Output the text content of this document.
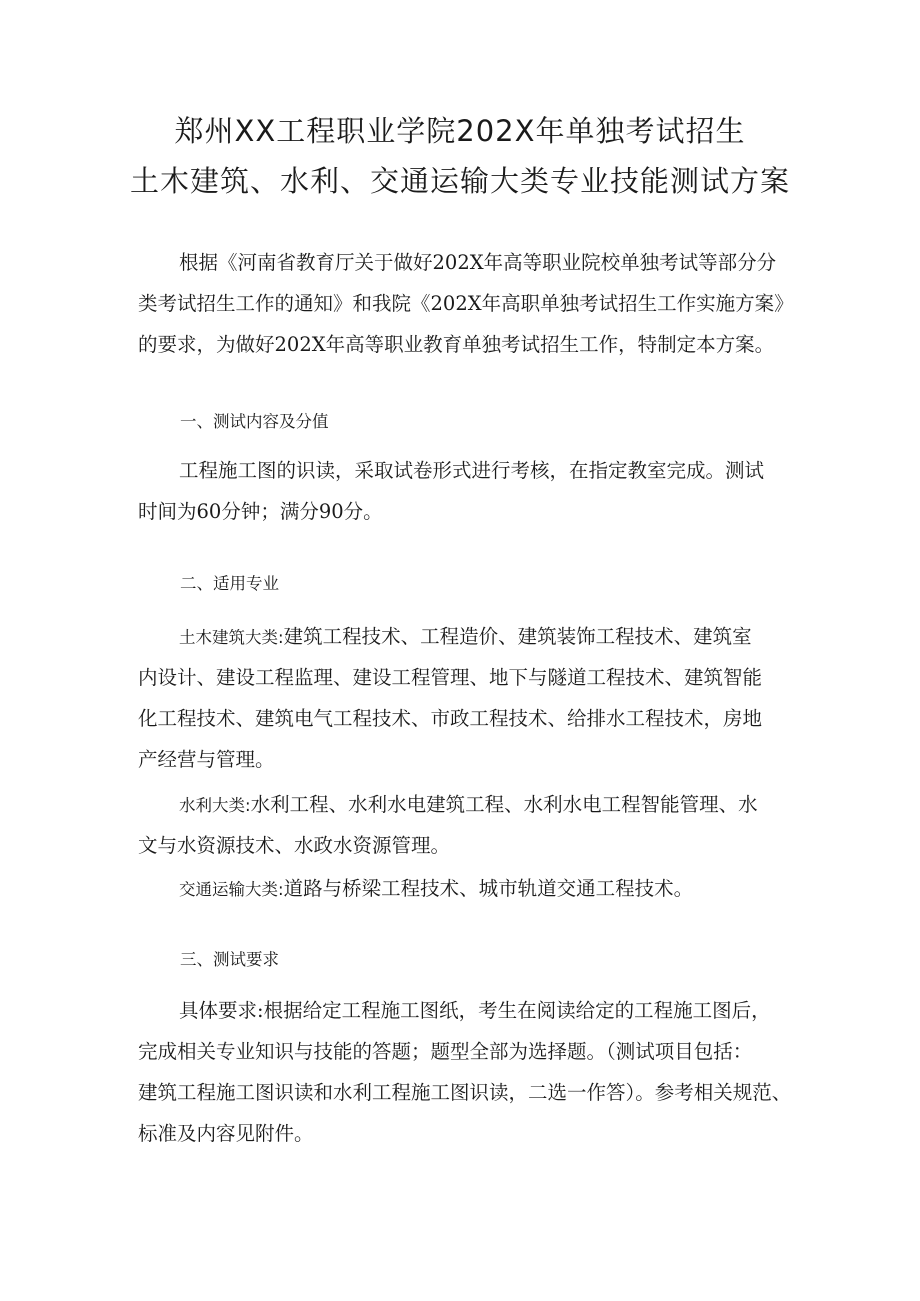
郑州XX工程职业学院202X年单独考试招生
土木建筑、水利、交通运输大类专业技能测试方案
根据《河南省教育厅关于做好202X年高等职业院校单独考试等部分分
类考试招生工作的通知》和我院《202X年高职单独考试招生工作实施方案》
的要求，为做好202X年高等职业教育单独考试招生工作，特制定本方案。
一、测试内容及分值
工程施工图的识读，采取试卷形式进行考核，在指定教室完成。测试
时间为60分钟；满分90分。
二、适用专业
土木建筑大类:建筑工程技术、工程造价、建筑装饰工程技术、建筑室
内设计、建设工程监理、建设工程管理、地下与隧道工程技术、建筑智能
化工程技术、建筑电气工程技术、市政工程技术、给排水工程技术，房地
产经营与管理。
水利大类:水利工程、水利水电建筑工程、水利水电工程智能管理、水
文与水资源技术、水政水资源管理。
交通运输大类:道路与桥梁工程技术、城市轨道交通工程技术。
三、测试要求
具体要求:根据给定工程施工图纸，考生在阅读给定的工程施工图后，
完成相关专业知识与技能的答题；题型全部为选择题。（测试项目包括：
建筑工程施工图识读和水利工程施工图识读，二选一作答）。参考相关规范、
标准及内容见附件。
